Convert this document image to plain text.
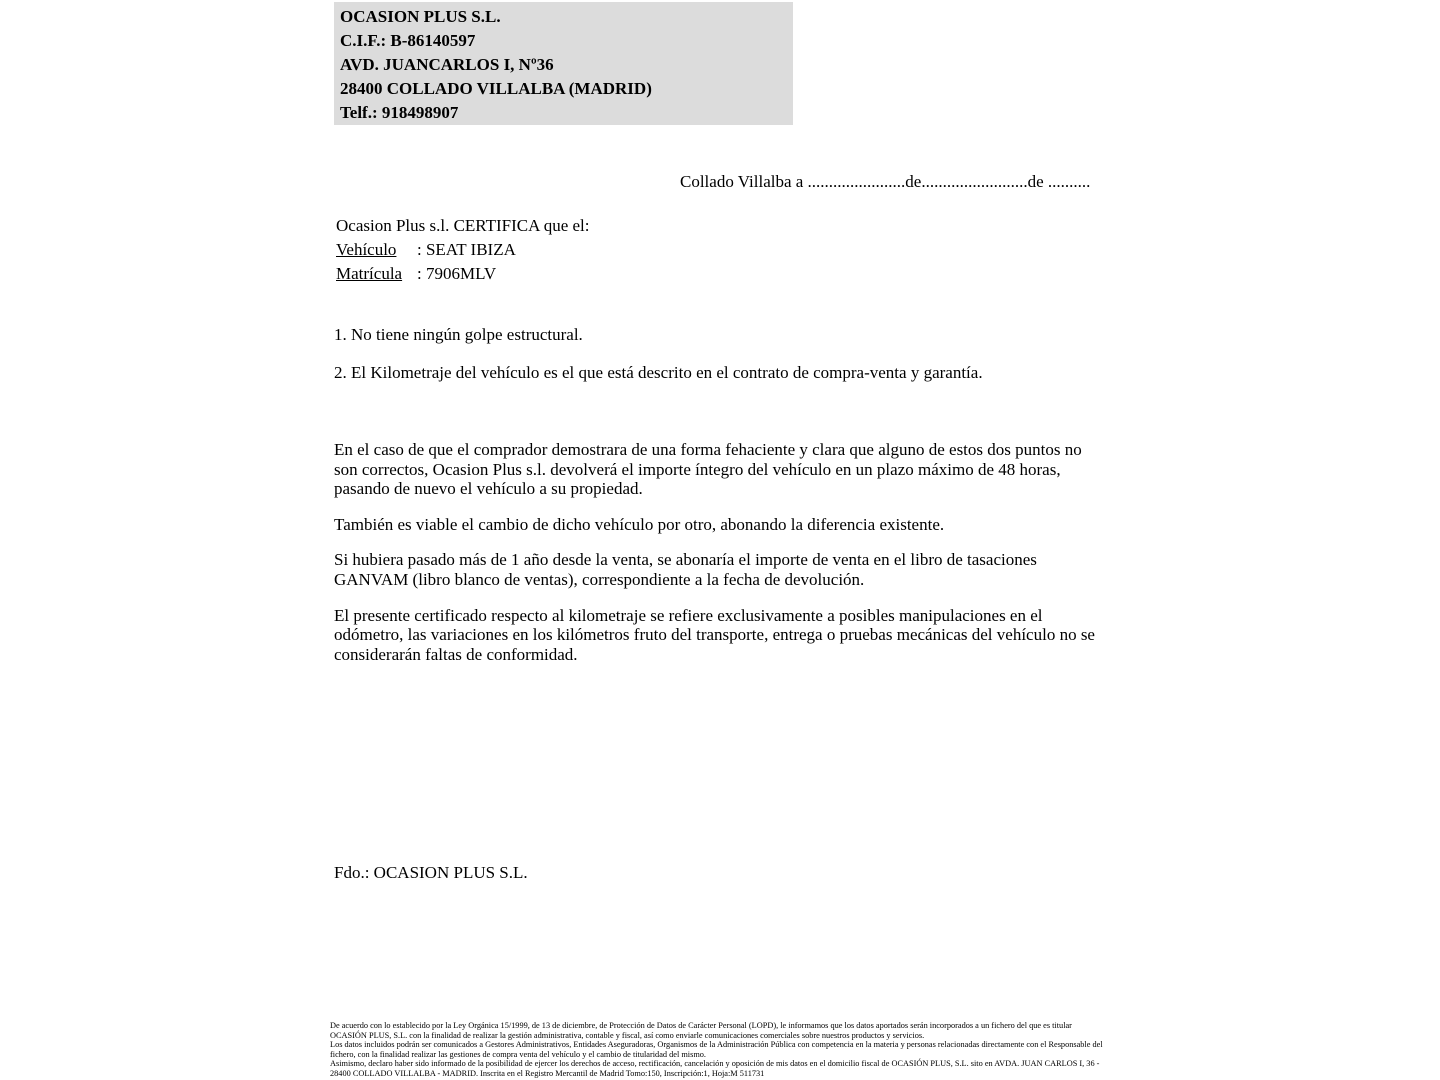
OCASION PLUS S.L.
C.I.F.: B-86140597
AVD. JUANCARLOS I, Nº36
28400 COLLADO VILLALBA (MADRID)
Telf.: 918498907
Collado Villalba a .......................de.........................de ..........
Ocasion Plus s.l. CERTIFICA que el:
Vehículo : SEAT IBIZA
Matrícula : 7906MLV
1. No tiene ningún golpe estructural.
2. El Kilometraje del vehículo es el que está descrito en el contrato de compra-venta y garantía.

En el caso de que el comprador demostrara de una forma fehaciente y clara que alguno de estos dos puntos no son correctos, Ocasion Plus s.l. devolverá el importe íntegro del vehículo en un plazo máximo de 48 horas, pasando de nuevo el vehículo a su propiedad.

También es viable el cambio de dicho vehículo por otro, abonando la diferencia existente.

Si hubiera pasado más de 1 año desde la venta, se abonaría el importe de venta en el libro de tasaciones GANVAM (libro blanco de ventas), correspondiente a la fecha de devolución.

El presente certificado respecto al kilometraje se refiere exclusivamente a posibles manipulaciones en el odómetro, las variaciones en los kilómetros fruto del transporte, entrega o pruebas mecánicas del vehículo no se considerarán faltas de conformidad.

Fdo.: OCASION PLUS S.L.

De acuerdo con lo establecido por la Ley Orgánica 15/1999, de 13 de diciembre, de Protección de Datos de Carácter Personal (LOPD), le informamos que los datos aportados serán incorporados a un fichero del que es titular OCASIÓN PLUS, S.L. con la finalidad de realizar la gestión administrativa, contable y fiscal, así como enviarle comunicaciones comerciales sobre nuestros productos y servicios.

Los datos incluidos podrán ser comunicados a Gestores Administrativos, Entidades Aseguradoras, Organismos de la Administración Pública con competencia en la materia y personas relacionadas directamente con el Responsable del fichero, con la finalidad realizar las gestiones de compra venta del vehículo y el cambio de titularidad del mismo.

Asimismo, declaro haber sido informado de la posibilidad de ejercer los derechos de acceso, rectificación, cancelación y oposición de mis datos en el domicilio fiscal de OCASIÓN PLUS, S.L. sito en AVDA. JUAN CARLOS I, 36 - 28400 COLLADO VILLALBA - MADRID. Inscrita en el Registro Mercantil de Madrid Tomo:150, Inscripción:1, Hoja:M 511731
